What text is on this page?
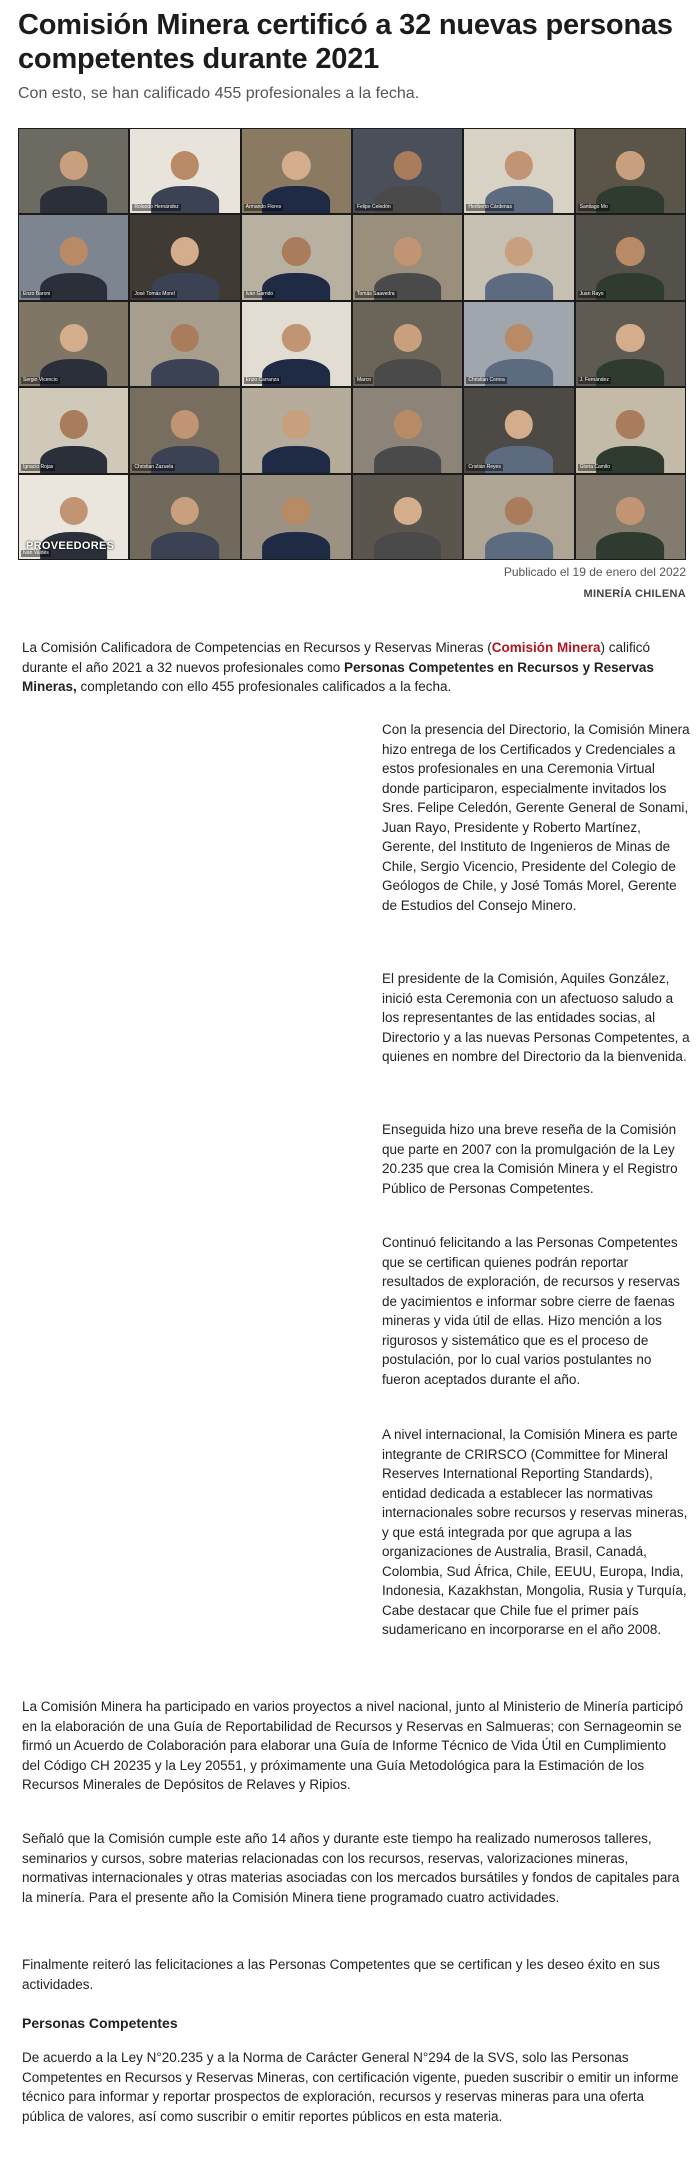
Comisión Minera certificó a 32 nuevas personas competentes durante 2021
Con esto, se han calificado 455 profesionales a la fecha.
Rolando Hernández	Armando Flores	Felipe Celedón	Heriberto Cárdenas	Santiago Mo
Enzo Baroni	José Tomás Morel	Iván Garrido	Tomás Saavedra	Juan Rayo
Sergio Vicencio	Enzo Carranza	Marco	Christian Correa	J. Fernández
Ignacio Rojas	Christian Zazuela	Cristián Reyes	Gloria Camilo
Iván Valdés
PROVEEDORES
Publicado el 19 de enero del 2022
MINERÍA CHILENA

La Comisión Calificadora de Competencias en Recursos y Reservas Mineras (Comisión Minera) calificó durante el año 2021 a 32 nuevos profesionales como Personas Competentes en Recursos y Reservas Mineras, completando con ello 455 profesionales calificados a la fecha.

Con la presencia del Directorio, la Comisión Minera hizo entrega de los Certificados y Credenciales a estos profesionales en una Ceremonia Virtual donde participaron, especialmente invitados los Sres. Felipe Celedón, Gerente General de Sonami, Juan Rayo, Presidente y Roberto Martínez, Gerente, del Instituto de Ingenieros de Minas de Chile, Sergio Vicencio, Presidente del Colegio de Geólogos de Chile, y José Tomás Morel, Gerente de Estudios del Consejo Minero.

El presidente de la Comisión, Aquiles González, inició esta Ceremonia con un afectuoso saludo a los representantes de las entidades socias, al Directorio y a las nuevas Personas Competentes, a quienes en nombre del Directorio da la bienvenida.

Enseguida hizo una breve reseña de la Comisión que parte en 2007 con la promulgación de la Ley 20.235 que crea la Comisión Minera y el Registro Público de Personas Competentes.

Continuó felicitando a las Personas Competentes que se certifican quienes podrán reportar resultados de exploración, de recursos y reservas de yacimientos e informar sobre cierre de faenas mineras y vida útil de ellas. Hizo mención a los rigurosos y sistemático que es el proceso de postulación, por lo cual varios postulantes no fueron aceptados durante el año.

A nivel internacional, la Comisión Minera es parte integrante de CRIRSCO (Committee for Mineral Reserves International Reporting Standards), entidad dedicada a establecer las normativas internacionales sobre recursos y reservas mineras, y que está integrada por que agrupa a las organizaciones de Australia, Brasil, Canadá, Colombia, Sud África, Chile, EEUU, Europa, India, Indonesia, Kazakhstan, Mongolia, Rusia y Turquía, Cabe destacar que Chile fue el primer país sudamericano en incorporarse en el año 2008.

La Comisión Minera ha participado en varios proyectos a nivel nacional, junto al Ministerio de Minería participó en la elaboración de una Guía de Reportabilidad de Recursos y Reservas en Salmueras; con Sernageomin se firmó un Acuerdo de Colaboración para elaborar una Guía de Informe Técnico de Vida Útil en Cumplimiento del Código CH 20235 y la Ley 20551, y próximamente una Guía Metodológica para la Estimación de los Recursos Minerales de Depósitos de Relaves y Ripios.

Señaló que la Comisión cumple este año 14 años y durante este tiempo ha realizado numerosos talleres, seminarios y cursos, sobre materias relacionadas con los recursos, reservas, valorizaciones mineras, normativas internacionales y otras materias asociadas con los mercados bursátiles y fondos de capitales para la minería. Para el presente año la Comisión Minera tiene programado cuatro actividades.

Finalmente reiteró las felicitaciones a las Personas Competentes que se certifican y les deseo éxito en sus actividades.

Personas Competentes

De acuerdo a la Ley N°20.235 y a la Norma de Carácter General N°294 de la SVS, solo las Personas Competentes en Recursos y Reservas Mineras, con certificación vigente, pueden suscribir o emitir un informe técnico para informar y reportar prospectos de exploración, recursos y reservas mineras para una oferta pública de valores, así como suscribir o emitir reportes públicos en esta materia.
